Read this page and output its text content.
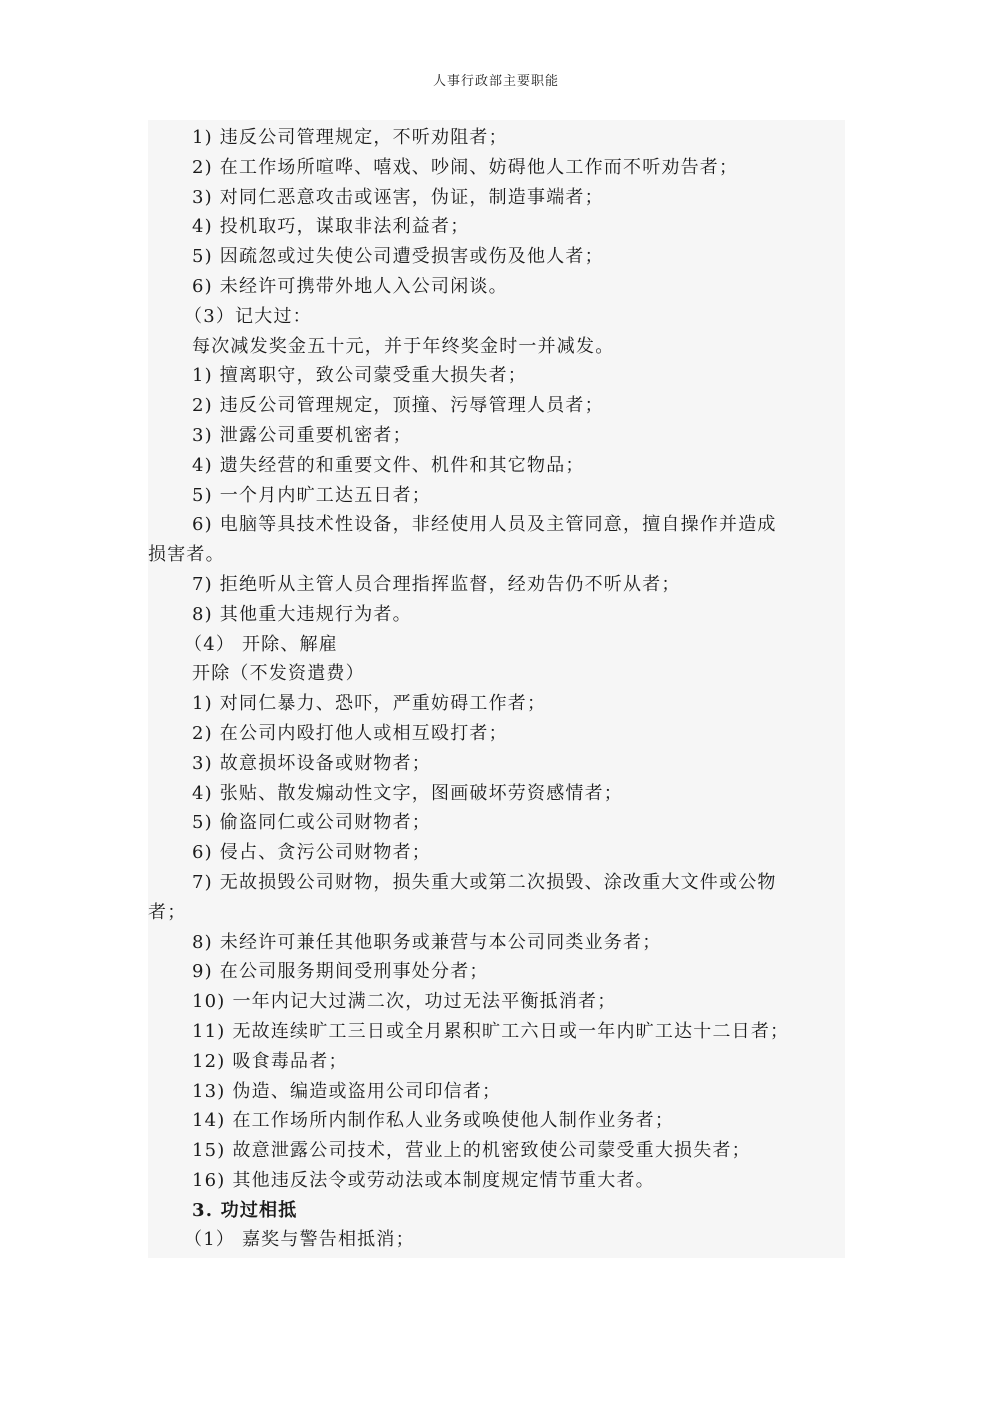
人事行政部主要职能
1) 违反公司管理规定，不听劝阻者；
2) 在工作场所喧哗、嘻戏、吵闹、妨碍他人工作而不听劝告者；
3) 对同仁恶意攻击或诬害，伪证，制造事端者；
4) 投机取巧，谋取非法利益者；
5) 因疏忽或过失使公司遭受损害或伤及他人者；
6) 未经许可携带外地人入公司闲谈。
（3）记大过：
每次减发奖金五十元，并于年终奖金时一并减发。
1) 擅离职守，致公司蒙受重大损失者；
2) 违反公司管理规定，顶撞、污辱管理人员者；
3) 泄露公司重要机密者；
4) 遗失经营的和重要文件、机件和其它物品；
5) 一个月内旷工达五日者；
6) 电脑等具技术性设备，非经使用人员及主管同意，擅自操作并造成
损害者。
7) 拒绝听从主管人员合理指挥监督，经劝告仍不听从者；
8) 其他重大违规行为者。
（4） 开除、解雇
开除（不发资遣费）
1) 对同仁暴力、恐吓，严重妨碍工作者；
2) 在公司内殴打他人或相互殴打者；
3) 故意损坏设备或财物者；
4) 张贴、散发煽动性文字，图画破坏劳资感情者；
5) 偷盗同仁或公司财物者；
6) 侵占、贪污公司财物者；
7) 无故损毁公司财物，损失重大或第二次损毁、涂改重大文件或公物
者；
8) 未经许可兼任其他职务或兼营与本公司同类业务者；
9) 在公司服务期间受刑事处分者；
10) 一年内记大过满二次，功过无法平衡抵消者；
11) 无故连续旷工三日或全月累积旷工六日或一年内旷工达十二日者；
12) 吸食毒品者；
13) 伪造、编造或盗用公司印信者；
14) 在工作场所内制作私人业务或唤使他人制作业务者；
15) 故意泄露公司技术，营业上的机密致使公司蒙受重大损失者；
16) 其他违反法令或劳动法或本制度规定情节重大者。
3. 功过相抵
（1） 嘉奖与警告相抵消；
